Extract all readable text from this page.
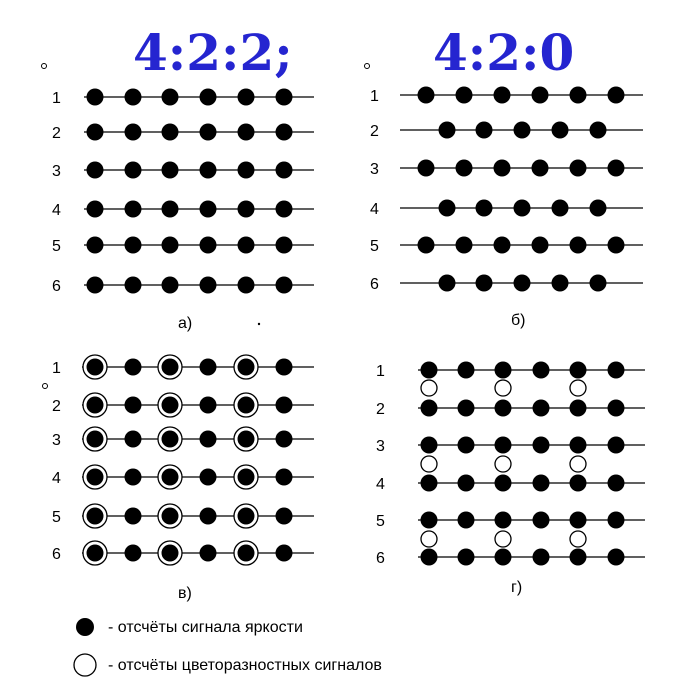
4:2:2;	4:2:0
1
2
3
4
5
6
1
2
3
4
5
6
1
2
3
4
5
6
1
2
3
4
5
6
а)	б)
в)	г)
- отсчёты сигнала яркости
- отсчёты цветоразностных сигналов
